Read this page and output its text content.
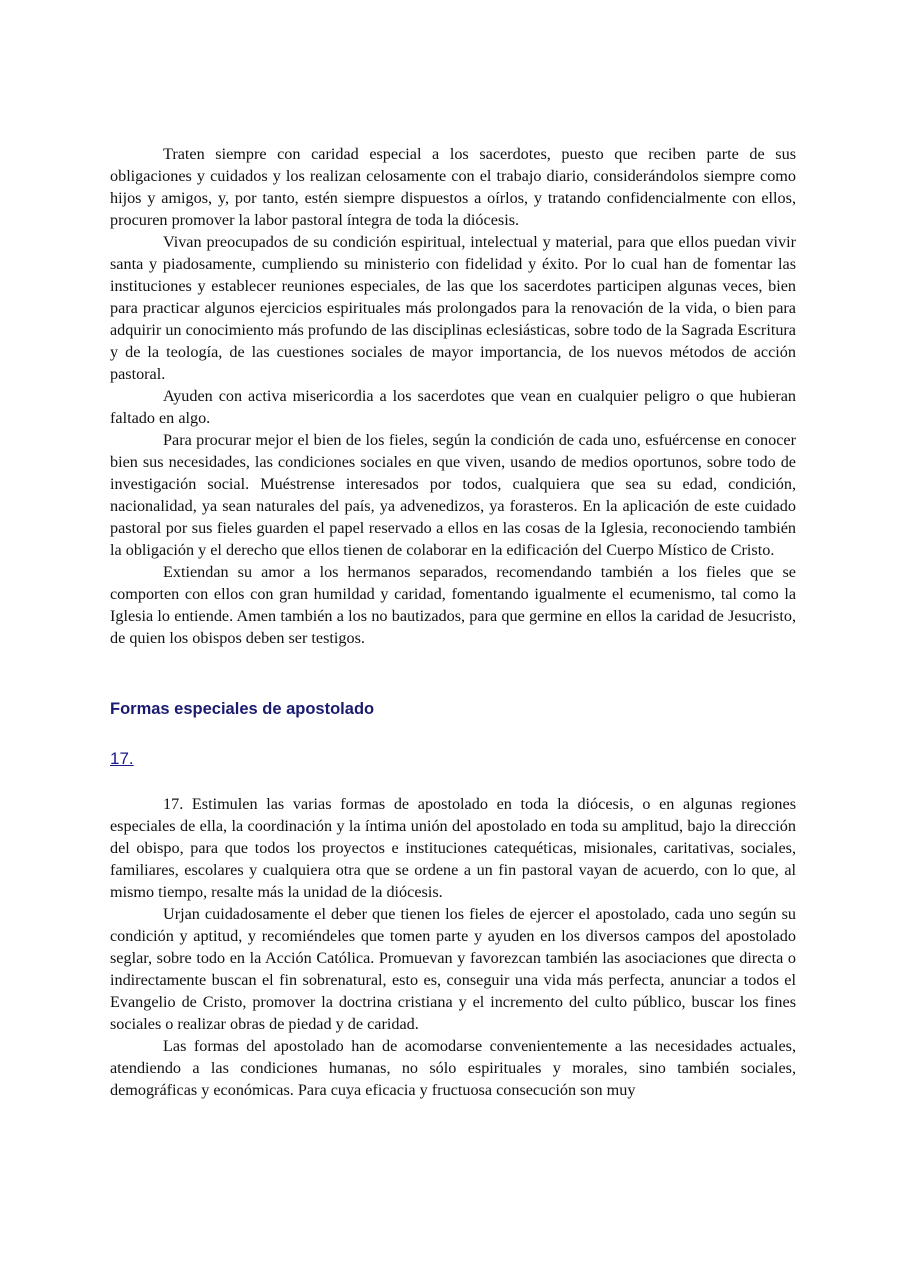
Traten siempre con caridad especial a los sacerdotes, puesto que reciben parte de sus obligaciones y cuidados y los realizan celosamente con el trabajo diario, considerándolos siempre como hijos y amigos, y, por tanto, estén siempre dispuestos a oírlos, y tratando confidencialmente con ellos, procuren promover la labor pastoral íntegra de toda la diócesis.

Vivan preocupados de su condición espiritual, intelectual y material, para que ellos puedan vivir santa y piadosamente, cumpliendo su ministerio con fidelidad y éxito. Por lo cual han de fomentar las instituciones y establecer reuniones especiales, de las que los sacerdotes participen algunas veces, bien para practicar algunos ejercicios espirituales más prolongados para la renovación de la vida, o bien para adquirir un conocimiento más profundo de las disciplinas eclesiásticas, sobre todo de la Sagrada Escritura y de la teología, de las cuestiones sociales de mayor importancia, de los nuevos métodos de acción pastoral.

Ayuden con activa misericordia a los sacerdotes que vean en cualquier peligro o que hubieran faltado en algo.

Para procurar mejor el bien de los fieles, según la condición de cada uno, esfuércense en conocer bien sus necesidades, las condiciones sociales en que viven, usando de medios oportunos, sobre todo de investigación social. Muéstrense interesados por todos, cualquiera que sea su edad, condición, nacionalidad, ya sean naturales del país, ya advenedizos, ya forasteros. En la aplicación de este cuidado pastoral por sus fieles guarden el papel reservado a ellos en las cosas de la Iglesia, reconociendo también la obligación y el derecho que ellos tienen de colaborar en la edificación del Cuerpo Místico de Cristo.

Extiendan su amor a los hermanos separados, recomendando también a los fieles que se comporten con ellos con gran humildad y caridad, fomentando igualmente el ecumenismo, tal como la Iglesia lo entiende. Amen también a los no bautizados, para que germine en ellos la caridad de Jesucristo, de quien los obispos deben ser testigos.

Formas especiales de apostolado
17.

17. Estimulen las varias formas de apostolado en toda la diócesis, o en algunas regiones especiales de ella, la coordinación y la íntima unión del apostolado en toda su amplitud, bajo la dirección del obispo, para que todos los proyectos e instituciones catequéticas, misionales, caritativas, sociales, familiares, escolares y cualquiera otra que se ordene a un fin pastoral vayan de acuerdo, con lo que, al mismo tiempo, resalte más la unidad de la diócesis.

Urjan cuidadosamente el deber que tienen los fieles de ejercer el apostolado, cada uno según su condición y aptitud, y recomiéndeles que tomen parte y ayuden en los diversos campos del apostolado seglar, sobre todo en la Acción Católica. Promuevan y favorezcan también las asociaciones que directa o indirectamente buscan el fin sobrenatural, esto es, conseguir una vida más perfecta, anunciar a todos el Evangelio de Cristo, promover la doctrina cristiana y el incremento del culto público, buscar los fines sociales o realizar obras de piedad y de caridad.

Las formas del apostolado han de acomodarse convenientemente a las necesidades actuales, atendiendo a las condiciones humanas, no sólo espirituales y morales, sino también sociales, demográficas y económicas. Para cuya eficacia y fructuosa consecución son muy
